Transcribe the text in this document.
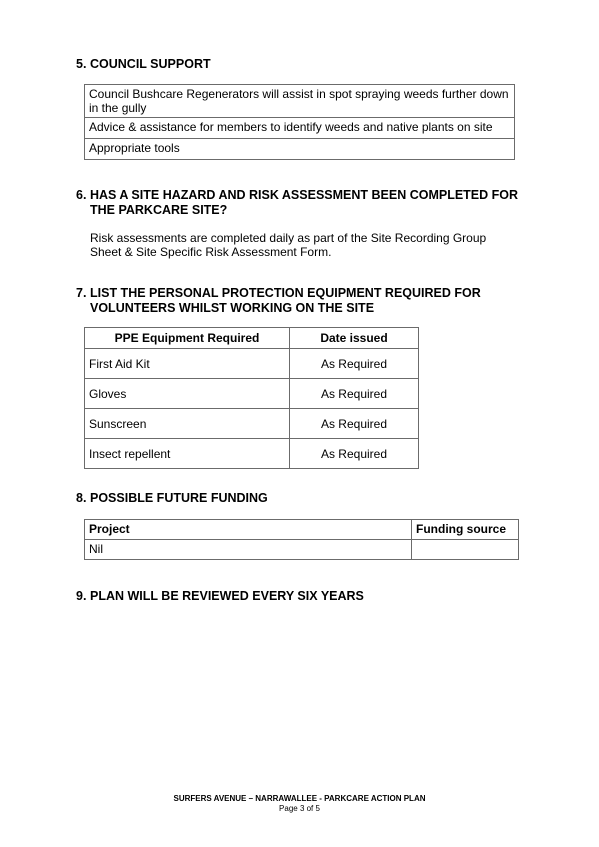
5. COUNCIL SUPPORT
Council Bushcare Regenerators will assist in spot spraying weeds further down in the gully
Advice & assistance for members to identify weeds and native plants on site
Appropriate tools
6. HAS A SITE HAZARD AND RISK ASSESSMENT BEEN COMPLETED FOR THE PARKCARE SITE?
Risk assessments are completed daily as part of the Site Recording Group Sheet & Site Specific Risk Assessment Form.
7. LIST THE PERSONAL PROTECTION EQUIPMENT REQUIRED FOR VOLUNTEERS WHILST WORKING ON THE SITE
PPE Equipment Required	Date issued
First Aid Kit	As Required
Gloves	As Required
Sunscreen	As Required
Insect repellent	As Required
8. POSSIBLE FUTURE FUNDING
Project	Funding source
Nil	
9. PLAN WILL BE REVIEWED EVERY SIX YEARS
SURFERS AVENUE – NARRAWALLEE - PARKCARE ACTION PLAN
Page 3 of 5
